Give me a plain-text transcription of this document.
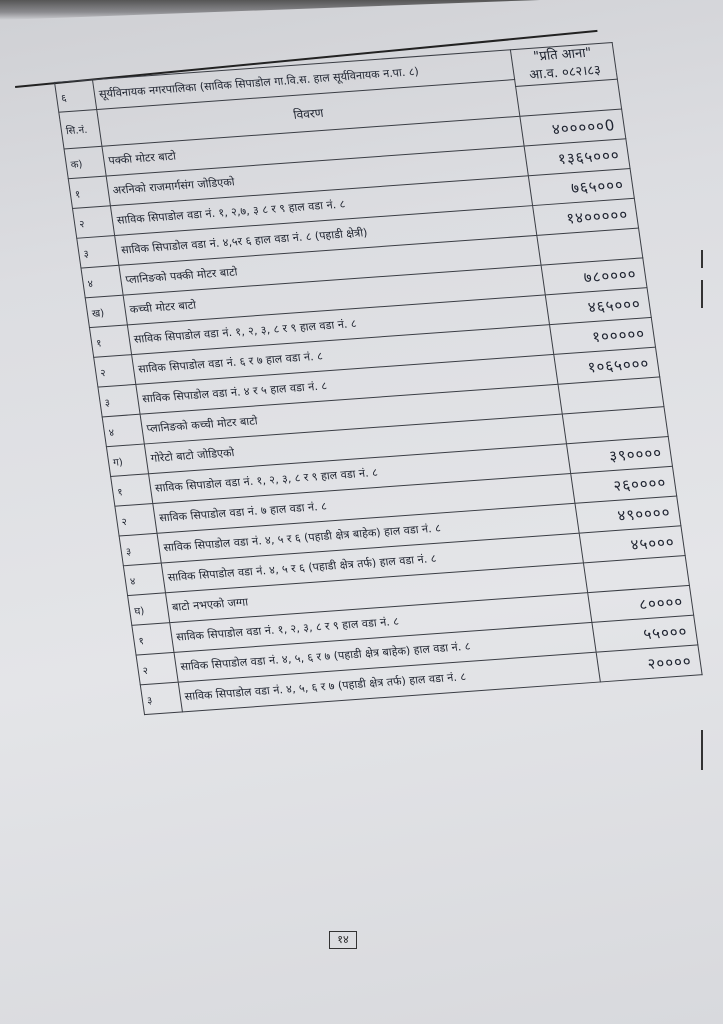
६	सूर्यविनायक नगरपालिका (साविक सिपाडोल गा.वि.स. हाल सूर्यविनायक न.पा. ८)	"प्रति आना"
आ.व. ०८२।८३

सि.नं.	विवरण	

क)	पक्की मोटर बाटो	४०००००0
१	अरनिको राजमार्गसंग जोडिएको	१३६५०००
२	साविक सिपाडोल वडा नं. १, २,७, ३ ८ र ९ हाल वडा नं. ८	७६५०००
३	साविक सिपाडोल वडा नं. ४,५र ६ हाल वडा नं. ८ (पहाडी क्षेत्री)	१४०००००
४	प्लानिङको पक्की मोटर बाटो	
ख)	कच्ची मोटर बाटो	७८००००
१	साविक सिपाडोल वडा नं. १, २, ३, ८ र ९ हाल वडा नं. ८	४६५०००
२	साविक सिपाडोल वडा नं. ६ र ७ हाल वडा नं. ८	१०००००
३	साविक सिपाडोल वडा नं. ४ र ५ हाल वडा नं. ८	१०६५०००
४	प्लानिङको कच्ची मोटर बाटो	
ग)	गोरेटो बाटो जोडिएको	
१	साविक सिपाडोल वडा नं. १, २, ३, ८ र ९ हाल वडा नं. ८	३९००००
२	साविक सिपाडोल वडा नं. ७ हाल वडा नं. ८	२६००००
३	साविक सिपाडोल वडा नं. ४, ५ र ६ (पहाडी क्षेत्र बाहेक) हाल वडा नं. ८	४९००००
४	साविक सिपाडोल वडा नं. ४, ५ र ६ (पहाडी क्षेत्र तर्फ) हाल वडा नं. ८	४५०००
घ)	बाटो नभएको जग्गा	
१	साविक सिपाडोल वडा नं. १, २, ३, ८ र ९ हाल वडा नं. ८	८००००
२	साविक सिपाडोल वडा नं. ४, ५, ६ र ७ (पहाडी क्षेत्र बाहेक) हाल वडा नं. ८	५५०००
३	साविक सिपाडोल वडा नं. ४, ५, ६ र ७ (पहाडी क्षेत्र तर्फ) हाल वडा नं. ८	२००००
१४
